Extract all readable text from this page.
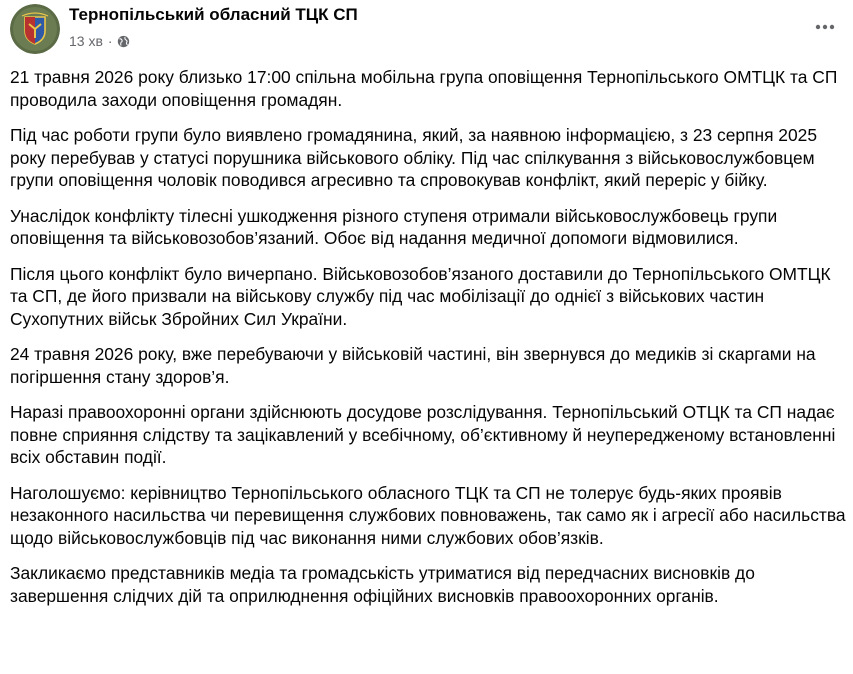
Тернопільський обласний ТЦК СП
13 хв ·

21 травня 2026 року близько 17:00 спільна мобільна група оповіщення Тернопільського ОМТЦК та СП проводила заходи оповіщення громадян.

Під час роботи групи було виявлено громадянина, який, за наявною інформацією, з 23 серпня 2025 року перебував у статусі порушника військового обліку. Під час спілкування з військовослужбовцем групи оповіщення чоловік поводився агресивно та спровокував конфлікт, який переріс у бійку.

Унаслідок конфлікту тілесні ушкодження різного ступеня отримали військовослужбовець групи оповіщення та військовозобов’язаний. Обоє від надання медичної допомоги відмовилися.

Після цього конфлікт було вичерпано. Військовозобов’язаного доставили до Тернопільського ОМТЦК та СП, де його призвали на військову службу під час мобілізації до однієї з військових частин Сухопутних військ Збройних Сил України.

24 травня 2026 року, вже перебуваючи у військовій частині, він звернувся до медиків зі скаргами на погіршення стану здоров’я.

Наразі правоохоронні органи здійснюють досудове розслідування. Тернопільський ОТЦК та СП надає повне сприяння слідству та зацікавлений у всебічному, об’єктивному й неупередженому встановленні всіх обставин події.

Наголошуємо: керівництво Тернопільського обласного ТЦК та СП не толерує будь-яких проявів незаконного насильства чи перевищення службових повноважень, так само як і агресії або насильства щодо військовослужбовців під час виконання ними службових обов’язків.

Закликаємо представників медіа та громадськість утриматися від передчасних висновків до завершення слідчих дій та оприлюднення офіційних висновків правоохоронних органів.
